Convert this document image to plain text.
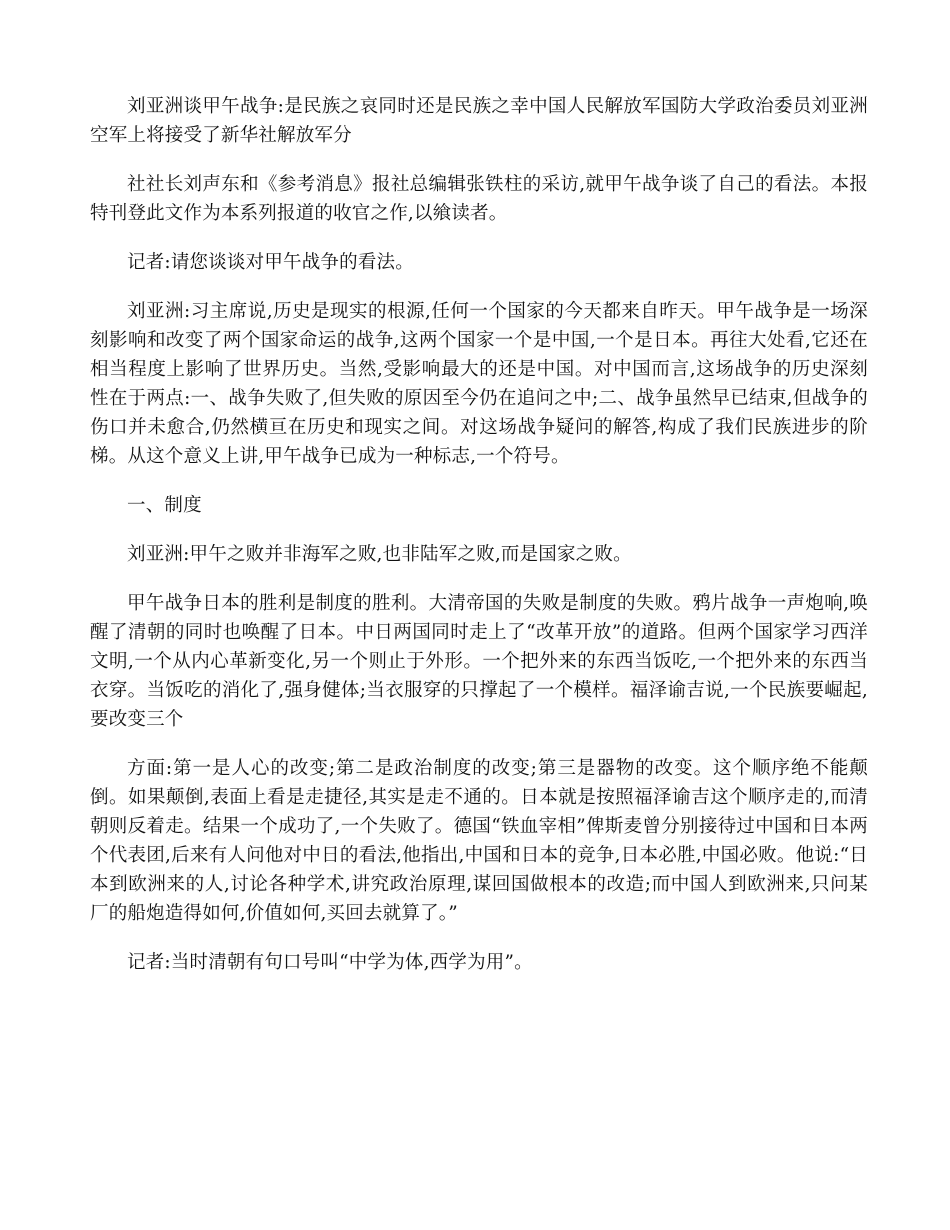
刘亚洲谈甲午战争:是民族之哀同时还是民族之幸中国人民解放军国防大学政治委员刘亚洲空军上将接受了新华社解放军分

社社长刘声东和《参考消息》报社总编辑张铁柱的采访,就甲午战争谈了自己的看法。本报特刊登此文作为本系列报道的收官之作,以飨读者。

记者:请您谈谈对甲午战争的看法。

刘亚洲:习主席说,历史是现实的根源,任何一个国家的今天都来自昨天。甲午战争是一场深刻影响和改变了两个国家命运的战争,这两个国家一个是中国,一个是日本。再往大处看,它还在相当程度上影响了世界历史。当然,受影响最大的还是中国。对中国而言,这场战争的历史深刻性在于两点:一、战争失败了,但失败的原因至今仍在追问之中;二、战争虽然早已结束,但战争的伤口并未愈合,仍然横亘在历史和现实之间。对这场战争疑问的解答,构成了我们民族进步的阶梯。从这个意义上讲,甲午战争已成为一种标志,一个符号。

一、制度

刘亚洲:甲午之败并非海军之败,也非陆军之败,而是国家之败。

甲午战争日本的胜利是制度的胜利。大清帝国的失败是制度的失败。鸦片战争一声炮响,唤醒了清朝的同时也唤醒了日本。中日两国同时走上了“改革开放”的道路。但两个国家学习西洋文明,一个从内心革新变化,另一个则止于外形。一个把外来的东西当饭吃,一个把外来的东西当衣穿。当饭吃的消化了,强身健体;当衣服穿的只撑起了一个模样。福泽谕吉说,一个民族要崛起,要改变三个

方面:第一是人心的改变;第二是政治制度的改变;第三是器物的改变。这个顺序绝不能颠倒。如果颠倒,表面上看是走捷径,其实是走不通的。日本就是按照福泽谕吉这个顺序走的,而清朝则反着走。结果一个成功了,一个失败了。德国“铁血宰相”俾斯麦曾分别接待过中国和日本两个代表团,后来有人问他对中日的看法,他指出,中国和日本的竞争,日本必胜,中国必败。他说:“日本到欧洲来的人,讨论各种学术,讲究政治原理,谋回国做根本的改造;而中国人到欧洲来,只问某厂的船炮造得如何,价值如何,买回去就算了。”

记者:当时清朝有句口号叫“中学为体,西学为用”。
